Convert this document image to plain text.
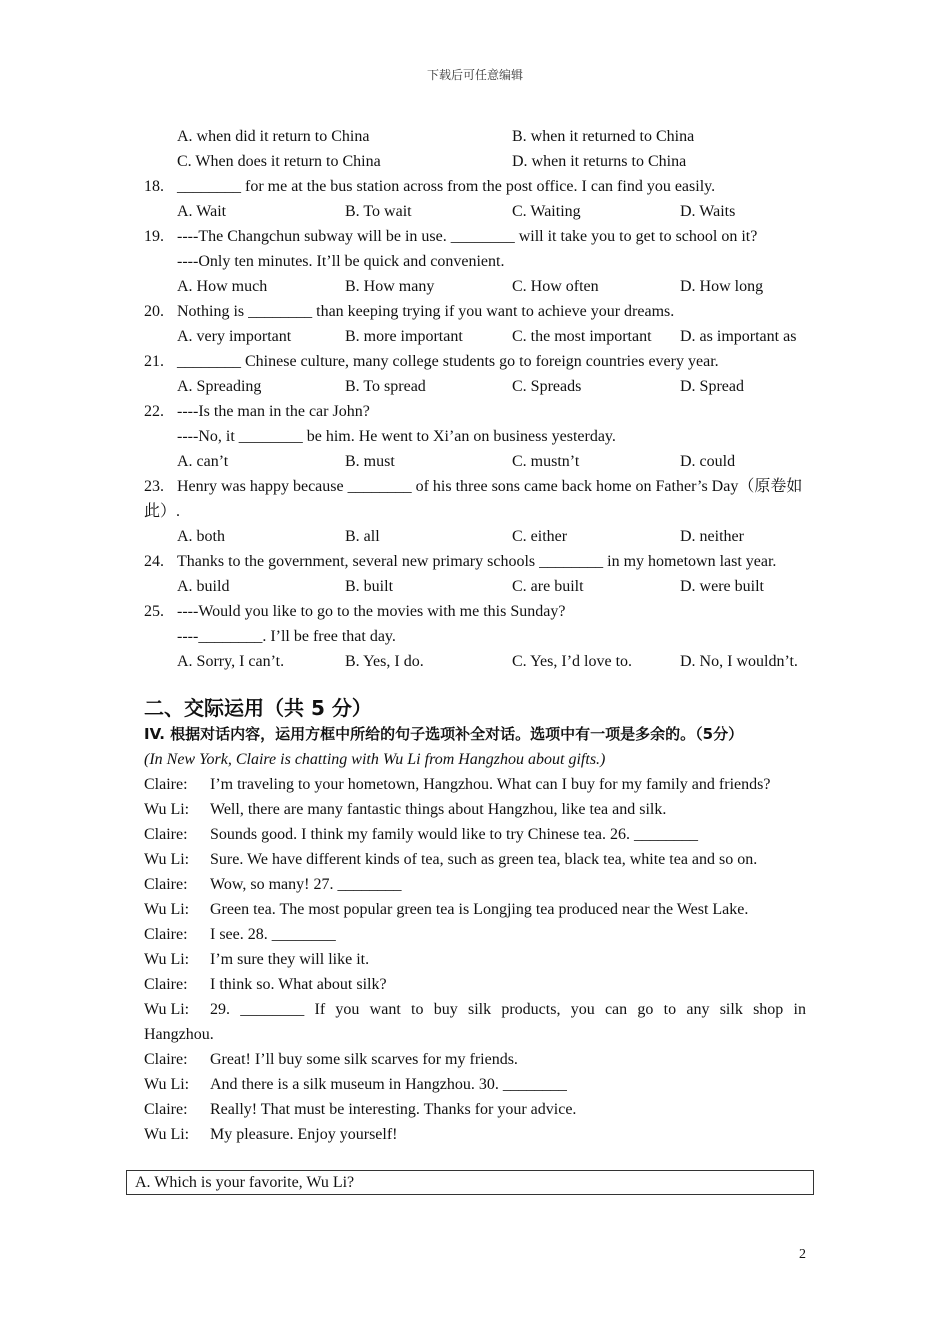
下载后可任意编辑
A. when did it return to China	B. when it returned to China
C. When does it return to China	D. when it returns to China
18. ________ for me at the bus station across from the post office. I can find you easily.
A. Wait	B. To wait	C. Waiting	D. Waits
19. ----The Changchun subway will be in use. ________ will it take you to get to school on it?
----Only ten minutes. It’ll be quick and convenient.
A. How much	B. How many	C. How often	D. How long
20. Nothing is ________ than keeping trying if you want to achieve your dreams.
A. very important	B. more important	C. the most important D. as important as
21. ________ Chinese culture, many college students go to foreign countries every year.
A. Spreading	B. To spread	C. Spreads	D. Spread
22. ----Is the man in the car John?
----No, it ________ be him. He went to Xi’an on business yesterday.
A. can’t	B. must	C. mustn’t	D. could
23. Henry was happy because ________ of his three sons came back home on Father’s Day（原卷如此）.
A. both	B. all	C. either	D. neither
24. Thanks to the government, several new primary schools ________ in my hometown last year.
A. build	B. built	C. are built	D. were built
25. ----Would you like to go to the movies with me this Sunday?
----________. I’ll be free that day.
A. Sorry, I can’t.	B. Yes, I do.	C. Yes, I’d love to.	D. No, I wouldn’t.
二、交际运用（共 5 分）
IV. 根据对话内容，运用方框中所给的句子选项补全对话。选项中有一项是多余的。（5分）
(In New York, Claire is chatting with Wu Li from Hangzhou about gifts.)
Claire:	I’m traveling to your hometown, Hangzhou. What can I buy for my family and friends?
Wu Li:	Well, there are many fantastic things about Hangzhou, like tea and silk.
Claire:	Sounds good. I think my family would like to try Chinese tea. 26. ________
Wu Li:	Sure. We have different kinds of tea, such as green tea, black tea, white tea and so on.
Claire:	Wow, so many! 27. ________
Wu Li:	Green tea. The most popular green tea is Longjing tea produced near the West Lake.
Claire:	I see. 28. ________
Wu Li:	I’m sure they will like it.
Claire:	I think so. What about silk?
Wu Li:	29. ________ If you want to buy silk products, you can go to any silk shop in
Hangzhou.
Claire:	Great! I’ll buy some silk scarves for my friends.
Wu Li:	And there is a silk museum in Hangzhou. 30. ________
Claire:	Really! That must be interesting. Thanks for your advice.
Wu Li:	My pleasure. Enjoy yourself!
A. Which is your favorite, Wu Li?
2
